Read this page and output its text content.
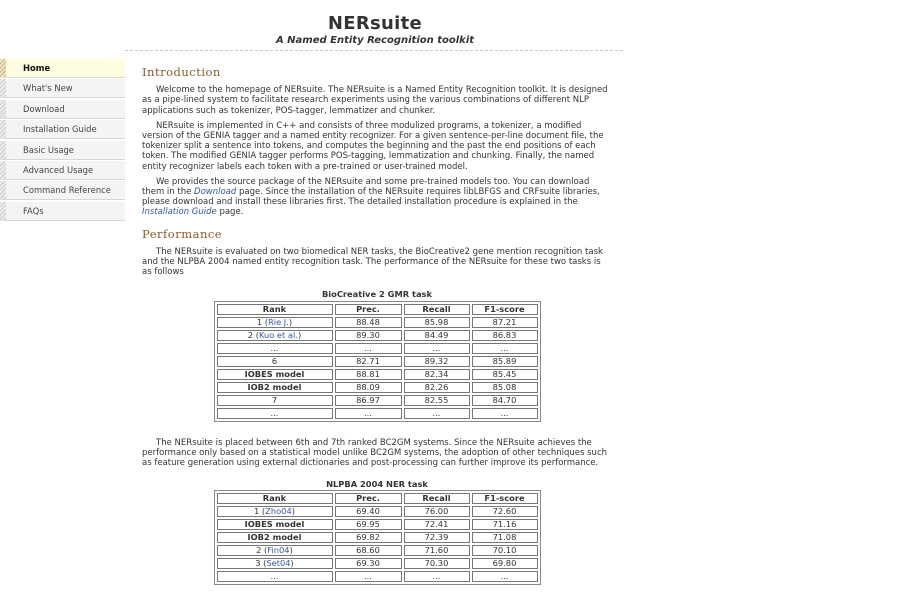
NERsuite
A Named Entity Recognition toolkit
Home
What's New
Download
Installation Guide
Basic Usage
Advanced Usage
Command Reference
FAQs
Introduction

Welcome to the homepage of NERsuite. The NERsuite is a Named Entity Recognition toolkit. It is designed as a pipe-lined system to facilitate research experiments using the various combinations of different NLP applications such as tokenizer, POS-tagger, lemmatizer and chunker.

NERsuite is implemented in C++ and consists of three modulized programs, a tokenizer, a modified version of the GENIA tagger and a named entity recognizer. For a given sentence-per-line document file, the tokenizer split a sentence into tokens, and computes the beginning and the past the end positions of each token. The modified GENIA tagger performs POS-tagging, lemmatization and chunking. Finally, the named entity recognizer labels each token with a pre-trained or user-trained model.

We provides the source package of the NERsuite and some pre-trained models too. You can download them in the Download page. Since the installation of the NERsuite requires libLBFGS and CRFsuite libraries, please download and install these libraries first. The detailed installation procedure is explained in the Installation Guide page.

Performance

The NERsuite is evaluated on two biomedical NER tasks, the BioCreative2 gene mention recognition task and the NLPBA 2004 named entity recognition task. The performance of the NERsuite for these two tasks is as follows

BioCreative 2 GMR task
Rank	Prec.	Recall	F1-score
1 (Rie J.)	88.48	85.98	87.21
2 (Kuo et al.)	89.30	84.49	86.83
...	...	...	...
6	82.71	89.32	85.89
IOBES model	88.81	82.34	85.45
IOB2 model	88.09	82.26	85.08
7	86.97	82.55	84.70
...	...	...	...

The NERsuite is placed between 6th and 7th ranked BC2GM systems. Since the NERsuite achieves the performance only based on a statistical model unlike BC2GM systems, the adoption of other techniques such as feature generation using external dictionaries and post-processing can further improve its performance.

NLPBA 2004 NER task
Rank	Prec.	Recall	F1-score
1 (Zho04)	69.40	76.00	72.60
IOBES model	69.95	72.41	71.16
IOB2 model	69.82	72.39	71.08
2 (Fin04)	68.60	71.60	70.10
3 (Set04)	69.30	70.30	69.80
...	...	...	...
